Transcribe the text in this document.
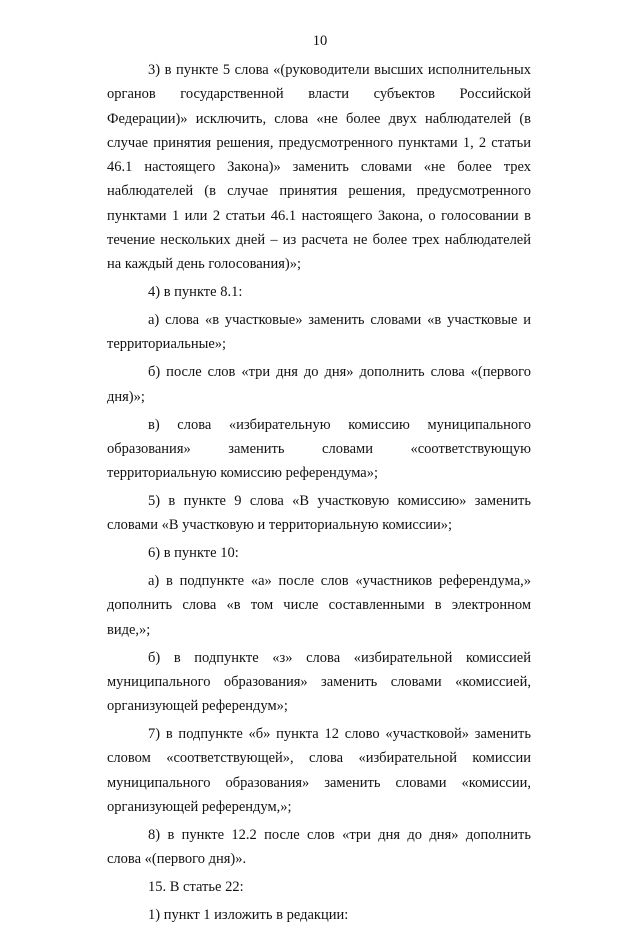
10

3) в пункте 5 слова «(руководители высших исполнительных органов государственной власти субъектов Российской Федерации)» исключить, слова «не более двух наблюдателей (в случае принятия решения, предусмотренного пунктами 1, 2 статьи 46.1 настоящего Закона)» заменить словами «не более трех наблюдателей (в случае принятия решения, предусмотренного пунктами 1 или 2 статьи 46.1 настоящего Закона, о голосовании в течение нескольких дней – из расчета не более трех наблюдателей на каждый день голосования)»;

4) в пункте 8.1:

а) слова «в участковые» заменить словами «в участковые и территориальные»;

б) после слов «три дня до дня» дополнить слова «(первого дня)»;

в) слова «избирательную комиссию муниципального образования» заменить словами «соответствующую территориальную комиссию референдума»;

5) в пункте 9 слова «В участковую комиссию» заменить словами «В участковую и территориальную комиссии»;

6) в пункте 10:

а) в подпункте «а» после слов «участников референдума,» дополнить слова «в том числе составленными в электронном виде,»;

б) в подпункте «з» слова «избирательной комиссией муниципального образования» заменить словами «комиссией, организующей референдум»;

7) в подпункте «б» пункта 12 слово «участковой» заменить словом «соответствующей», слова «избирательной комиссии муниципального образования» заменить словами «комиссии, организующей референдум,»;

8) в пункте 12.2 после слов «три дня до дня» дополнить слова «(первого дня)».

15. В статье 22:

1) пункт 1 изложить в редакции:
